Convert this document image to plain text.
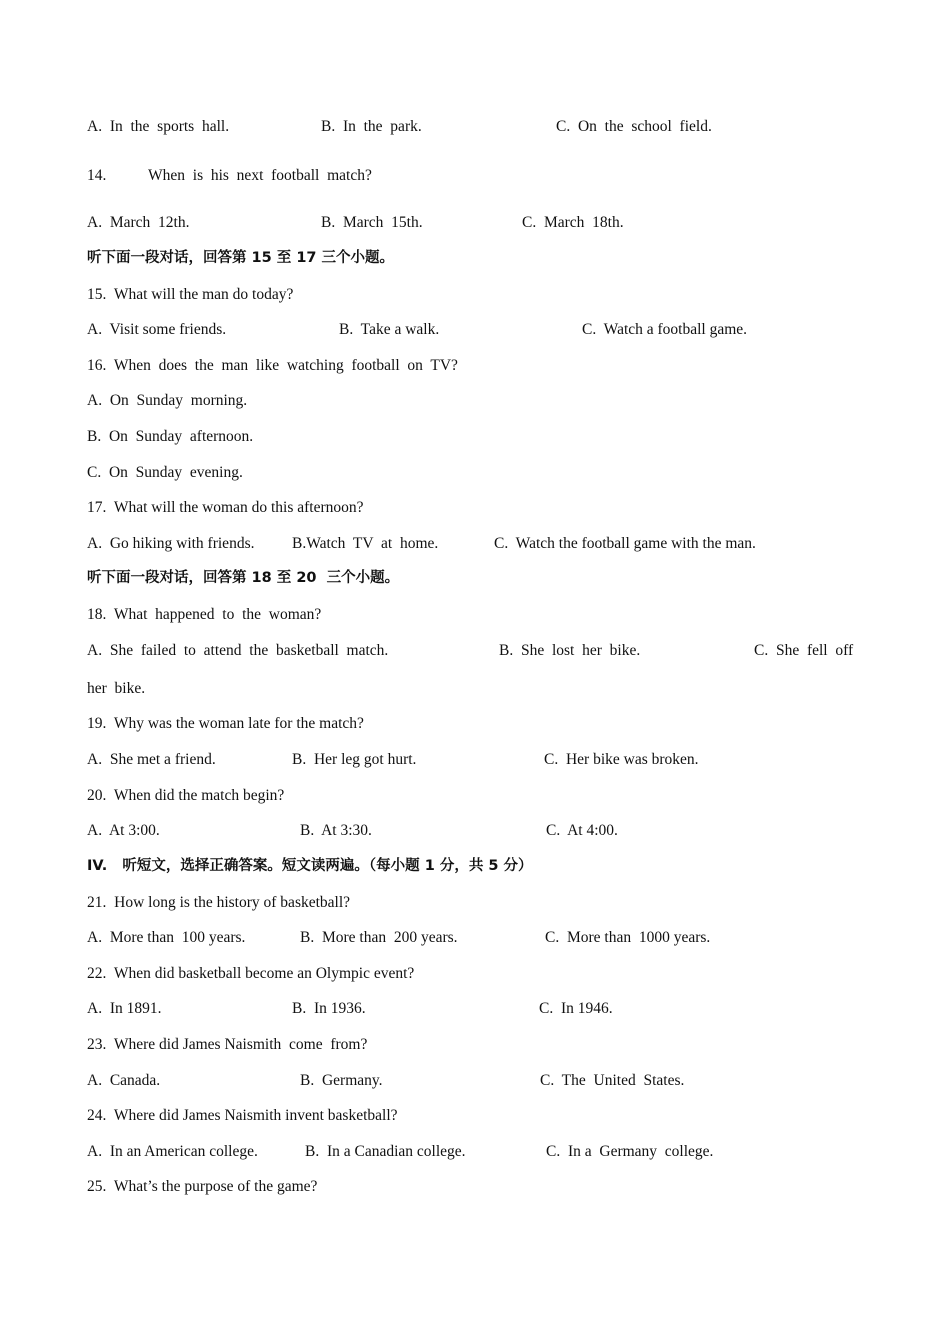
A.  In  the  sports  hall.	B.  In  the  park.	C.  On  the  school  field.
14.	When  is  his  next  football  match?
A.  March  12th.	B.  March  15th.	C.  March  18th.
听下面一段对话，回答第 15 至 17 三个小题。
15.  What will the man do today?
A.  Visit some friends.	B.  Take a walk.	C.  Watch a football game.
16.  When  does  the  man  like  watching  football  on  TV?
A.  On  Sunday  morning.
B.  On  Sunday  afternoon.
C.  On  Sunday  evening.
17.  What will the woman do this afternoon?
A.  Go hiking with friends. B.Watch  TV  at  home.	C.  Watch the football game with the man.
听下面一段对话，回答第 18 至 20  三个小题。
18.  What  happened  to  the  woman?
A.  She  failed  to  attend  the  basketball  match.	B.  She  lost  her  bike.	C.  She  fell  off
her  bike.
19.  Why was the woman late for the match?
A.  She met a friend.	B.  Her leg got hurt.	C.  Her bike was broken.
20.  When did the match begin?
A.  At 3:00.	B.  At 3:30.	C.  At 4:00.
IV.   听短文，选择正确答案。短文读两遍。（每小题 1 分，共 5 分）
21.  How long is the history of basketball?
A.  More than  100 years.	B.  More than  200 years.	C.  More than  1000 years.
22.  When did basketball become an Olympic event?
A.  In 1891.	B.  In 1936.	C.  In 1946.
23.  Where did James Naismith  come  from?
A.  Canada.	B.  Germany.	C.  The  United  States.
24.  Where did James Naismith invent basketball?
A.  In an American college.	B.  In a Canadian college.	C.  In a  Germany  college.
25.  What’s the purpose of the game?
